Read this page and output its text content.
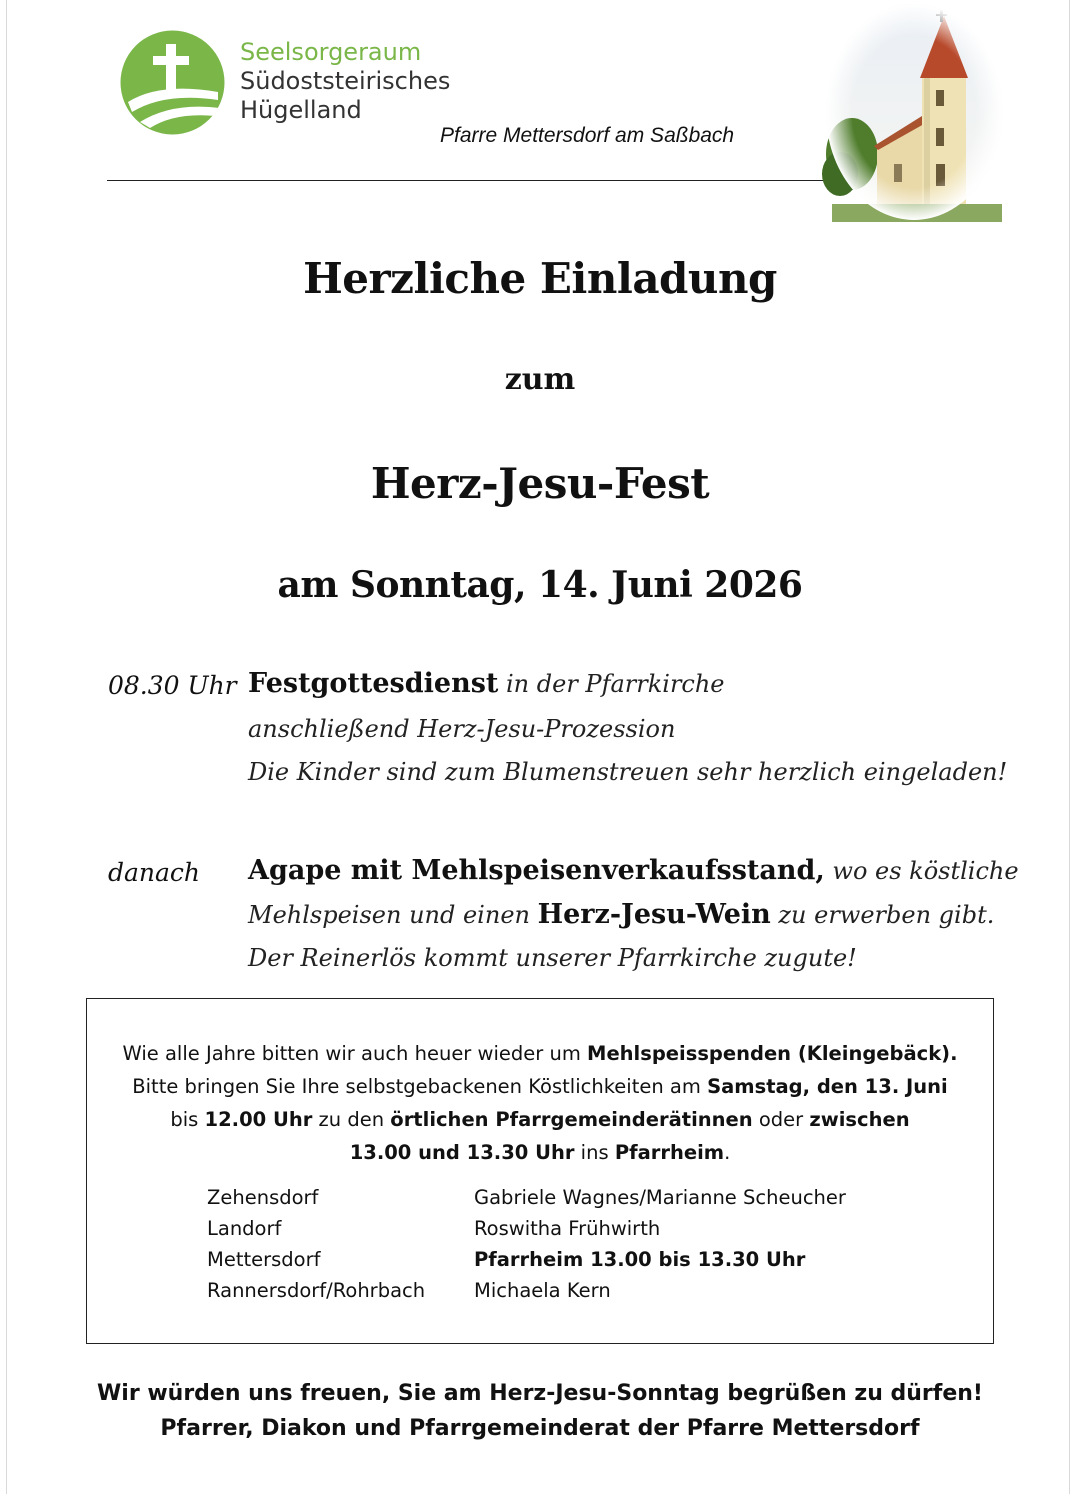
Seelsorgeraum
Südoststeirisches
Hügelland
Pfarre Mettersdorf am Saßbach
Herzliche Einladung
zum
Herz-Jesu-Fest
am Sonntag, 14. Juni 2026
08.30 Uhr Festgottesdienst in der Pfarrkirche
anschließend Herz-Jesu-Prozession
Die Kinder sind zum Blumenstreuen sehr herzlich eingeladen!
danach Agape mit Mehlspeisenverkaufsstand, wo es köstliche
Mehlspeisen und einen Herz-Jesu-Wein zu erwerben gibt.
Der Reinerlös kommt unserer Pfarrkirche zugute!
Wie alle Jahre bitten wir auch heuer wieder um Mehlspeisspenden (Kleingebäck).
Bitte bringen Sie Ihre selbstgebackenen Köstlichkeiten am Samstag, den 13. Juni
bis 12.00 Uhr zu den örtlichen Pfarrgemeinderätinnen oder zwischen
13.00 und 13.30 Uhr ins Pfarrheim.
Zehensdorf	Gabriele Wagnes/Marianne Scheucher
Landorf	Roswitha Frühwirth
Mettersdorf	Pfarrheim 13.00 bis 13.30 Uhr
Rannersdorf/Rohrbach	Michaela Kern
Wir würden uns freuen, Sie am Herz-Jesu-Sonntag begrüßen zu dürfen!
Pfarrer, Diakon und Pfarrgemeinderat der Pfarre Mettersdorf
